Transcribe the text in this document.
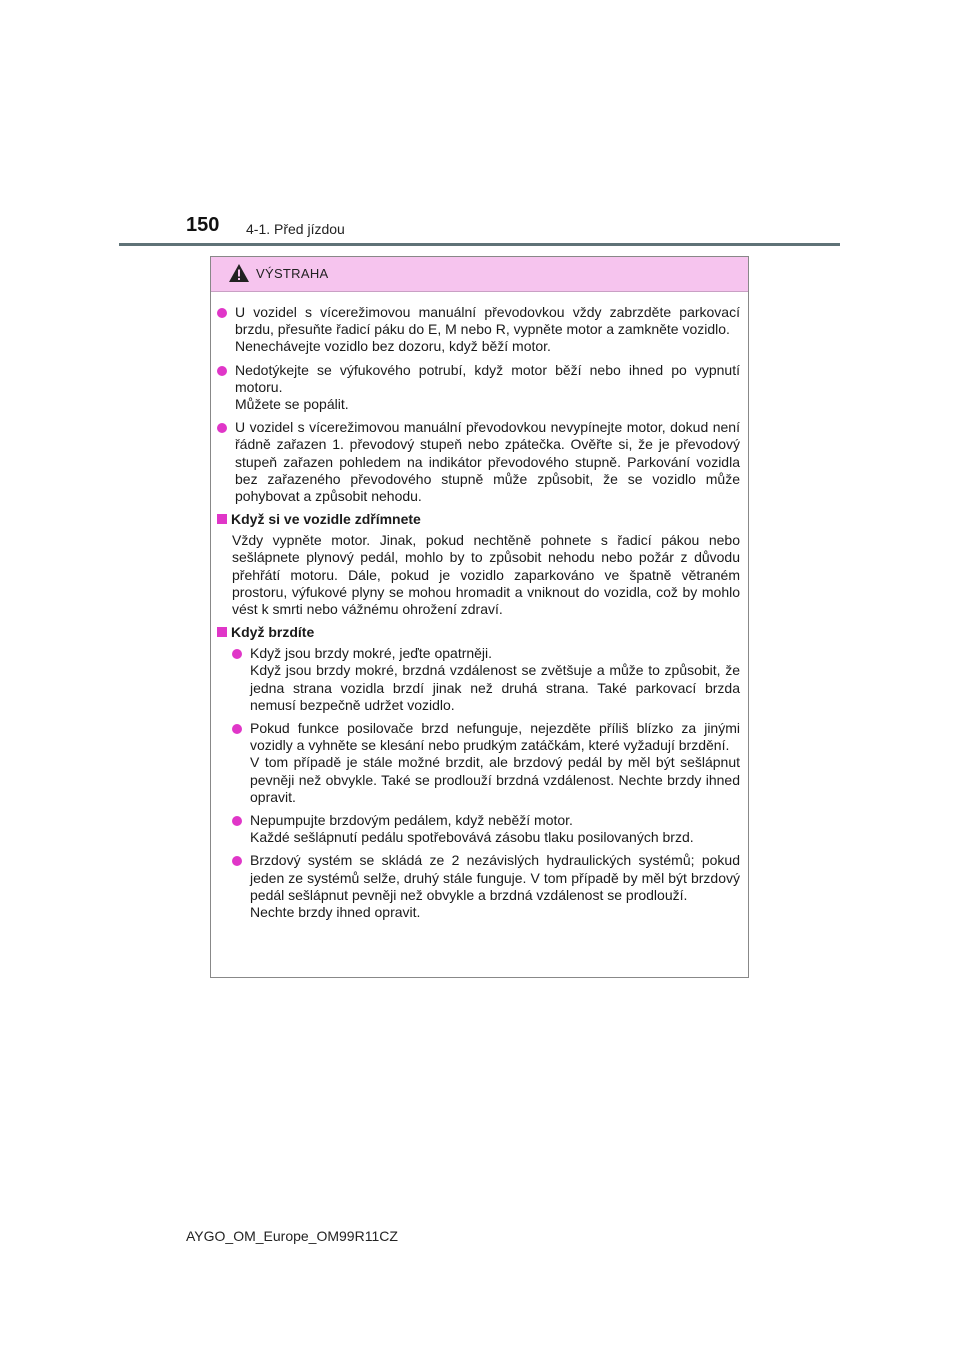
150 4-1. Před jízdou
VÝSTRAHA

U vozidel s vícerežimovou manuální převodovkou vždy zabrzděte parkovací brzdu, přesuňte řadicí páku do E, M nebo R, vypněte motor a zamkněte vozidlo.

Nenechávejte vozidlo bez dozoru, když běží motor.

Nedotýkejte se výfukového potrubí, když motor běží nebo ihned po vypnutí motoru.

Můžete se popálit.

U vozidel s vícerežimovou manuální převodovkou nevypínejte motor, dokud není řádně zařazen 1. převodový stupeň nebo zpátečka. Ověřte si, že je převodový stupeň zařazen pohledem na indikátor převodového stupně. Parkování vozidla bez zařazeného převodového stupně může způsobit, že se vozidlo může pohybovat a způsobit nehodu.

Když si ve vozidle zdřímnete

Vždy vypněte motor. Jinak, pokud nechtěně pohnete s řadicí pákou nebo sešlápnete plynový pedál, mohlo by to způsobit nehodu nebo požár z důvodu přehřátí motoru. Dále, pokud je vozidlo zaparkováno ve špatně větraném prostoru, výfukové plyny se mohou hromadit a vniknout do vozidla, což by mohlo vést k smrti nebo vážnému ohrožení zdraví.

Když brzdíte

Když jsou brzdy mokré, jeďte opatrněji.

Když jsou brzdy mokré, brzdná vzdálenost se zvětšuje a může to způsobit, že jedna strana vozidla brzdí jinak než druhá strana. Také parkovací brzda nemusí bezpečně udržet vozidlo.

Pokud funkce posilovače brzd nefunguje, nejezděte příliš blízko za jinými vozidly a vyhněte se klesání nebo prudkým zatáčkám, které vyžadují brzdění.

V tom případě je stále možné brzdit, ale brzdový pedál by měl být sešlápnut pevněji než obvykle. Také se prodlouží brzdná vzdálenost. Nechte brzdy ihned opravit.

Nepumpujte brzdovým pedálem, když neběží motor.

Každé sešlápnutí pedálu spotřebovává zásobu tlaku posilovaných brzd.

Brzdový systém se skládá ze 2 nezávislých hydraulických systémů; pokud jeden ze systémů selže, druhý stále funguje. V tom případě by měl být brzdový pedál sešlápnut pevněji než obvykle a brzdná vzdálenost se prodlouží.

Nechte brzdy ihned opravit.

AYGO_OM_Europe_OM99R11CZ
